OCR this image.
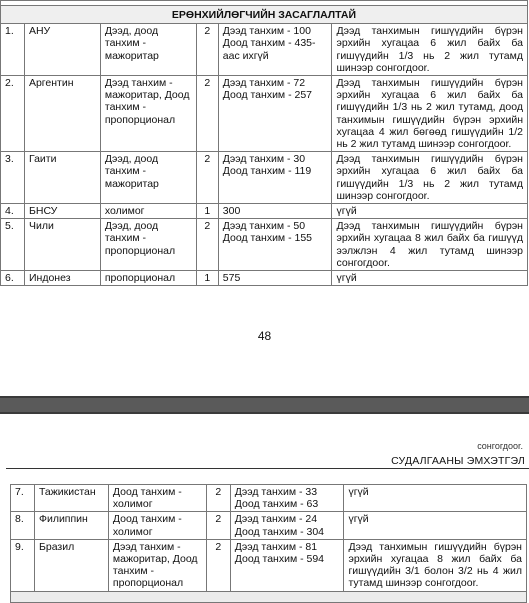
ЕРӨНХИЙЛӨГЧИЙН ЗАСАГЛАЛТАЙ					
1.	АНУ	Дээд, доод танхим - мажоритар	2	Дээд танхим - 100 Доод танхим - 435-аас ихгүй	Дээд танхимын гишүүдийн бүрэн эрхийн хугацаа 6 жил байх ба гишүүдийн 1/3 нь 2 жил тутамд шинээр сонгогдоor.
2.	Аргентин	Дээд танхим - мажоритар, Доод танхим - пропорционал	2	Дээд танхим - 72 Доод танхим - 257	Дээд танхимын гишүүдийн бүрэн эрхийн хугацаа 6 жил байх ба гишүүдийн 1/3 нь 2 жил тутамд, доод танхимын гишүүдийн бүрэн эрхийн хугацаа 4 жил бөгөөд гишүүдийн 1/2 нь 2 жил тутамд шинээр сонгогдоor.
3.	Гаити	Дээд, доод танхим - мажоритар	2	Дээд танхим - 30 Доод танхим - 119	Дээд танхимын гишүүдийн бүрэн эрхийн хугацаа 6 жил байх ба гишүүдийн 1/3 нь 2 жил тутамд шинээр сонгогдоor.
4.	БНСУ	холимог	1	300	үгүй
5.	Чили	Дээд, доод танхим - пропорционал	2	Дээд танхим - 50 Доод танхим - 155	Дээд танхимын гишүүдийн бүрэн эрхийн хугацаа 8 жил байх ба гишүүд ээлжлэн 4 жил тутамд шинээр сонгогдоor.
6.	Индонез	пропорционал	1	575	үгүй
48
сонгогдоor.
СУДАЛГААНЫ ЭМХЭТГЭЛ
7.	Тажикистан	Доод танхим - холимог	2	Дээд танхим - 33 Доод танхим - 63	үгүй
8.	Филиппин	Доод танхим - холимог	2	Дээд танхим - 24 Доод танхим - 304	үгүй
9.	Бразил	Дээд танхим - мажоритар, Доод танхим - пропорционал	2	Дээд танхим - 81 Доод танхим - 594	Дээд танхимын гишүүдийн бүрэн эрхийн хугацаа 8 жил байх ба гишүүдийн 3/1 болон 3/2 нь 4 жил тутамд шинээр сонгогдоor.
